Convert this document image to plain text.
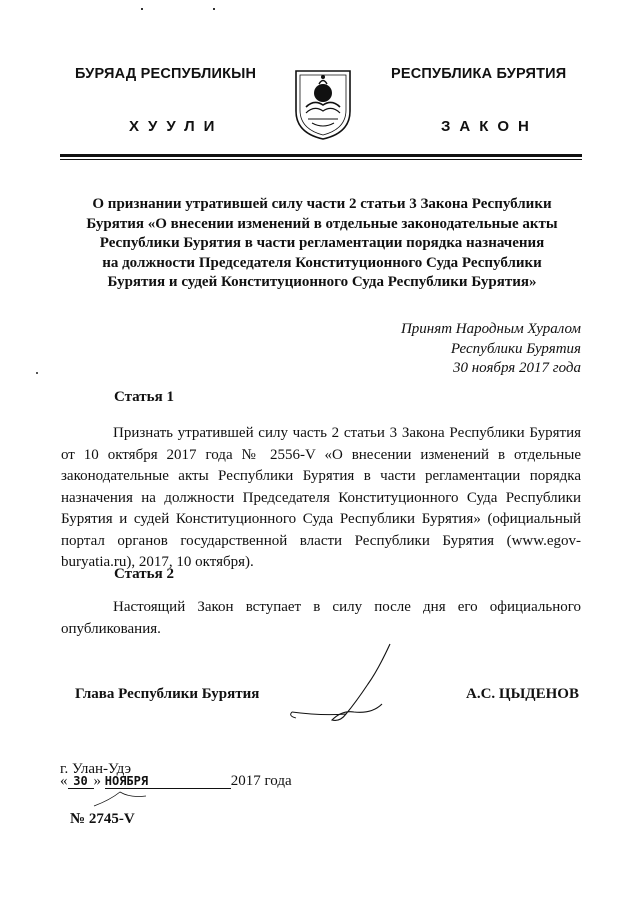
БУРЯАД РЕСПУБЛИКЫН
ХУУЛИ
РЕСПУБЛИКА БУРЯТИЯ
ЗАКОН
О признании утратившей силу части 2 статьи 3 Закона Республики
Бурятия «О внесении изменений в отдельные законодательные акты
Республики Бурятия в части регламентации порядка назначения
на должности Председателя Конституционного Суда Республики
Бурятия и судей Конституционного Суда Республики Бурятия»
Принят Народным Хуралом
Республики Бурятия
30 ноября 2017 года
Статья 1

Признать утратившей силу часть 2 статьи 3 Закона Республики Бурятия от 10 октября 2017 года № 2556-V «О внесении изменений в отдельные законодательные акты Республики Бурятия в части регламентации порядка назначения на должности Председателя Конституционного Суда Республики Бурятия и судей Конституционного Суда Республики Бурятия» (официальный портал органов государственной власти Республики Бурятия (www.egov-buryatia.ru), 2017, 10 октября).

Статья 2

Настоящий Закон вступает в силу после дня его официального опубликования.

Глава Республики Бурятия	А.С. ЦЫДЕНОВ
г. Улан-Удэ
« 30 » НОЯБРЯ	2017 года
№ 2745-V
